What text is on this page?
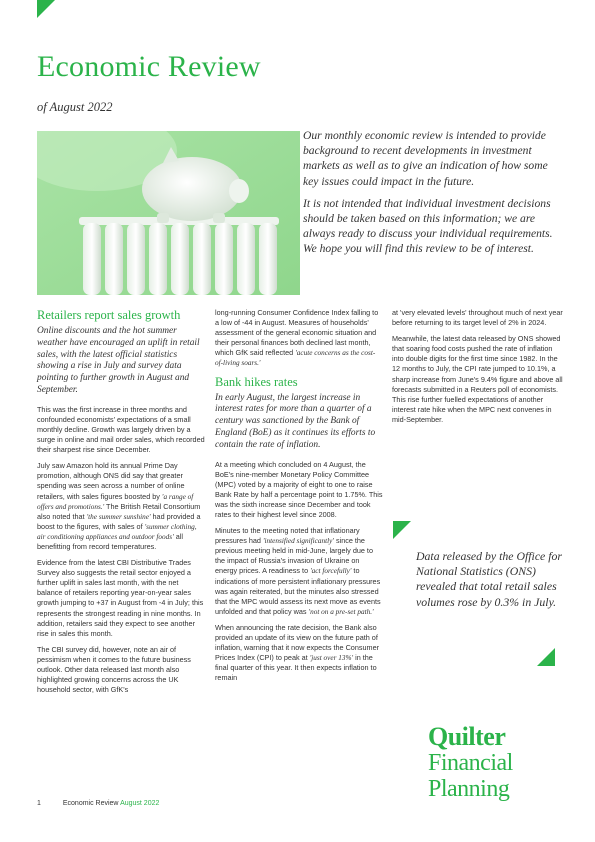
Economic Review
of August 2022

Our monthly economic review is intended to provide background to recent developments in investment markets as well as to give an indication of how some key issues could impact in the future.

It is not intended that individual investment decisions should be taken based on this information; we are always ready to discuss your individual requirements. We hope you will find this review to be of interest.

Retailers report sales growth

Online discounts and the hot summer weather have encouraged an uplift in retail sales, with the latest official statistics showing a rise in July and survey data pointing to further growth in August and September.

This was the first increase in three months and confounded economists' expectations of a small monthly decline. Growth was largely driven by a surge in online and mail order sales, which recorded their sharpest rise since December.

July saw Amazon hold its annual Prime Day promotion, although ONS did say that greater spending was seen across a number of online retailers, with sales figures boosted by 'a range of offers and promotions.' The British Retail Consortium also noted that 'the summer sunshine' had provided a boost to the figures, with sales of 'summer clothing, air conditioning appliances and outdoor foods' all benefitting from record temperatures.

Evidence from the latest CBI Distributive Trades Survey also suggests the retail sector enjoyed a further uplift in sales last month, with the net balance of retailers reporting year-on-year sales growth jumping to +37 in August from -4 in July; this represents the strongest reading in nine months. In addition, retailers said they expect to see another rise in sales this month.

The CBI survey did, however, note an air of pessimism when it comes to the future business outlook. Other data released last month also highlighted growing concerns across the UK household sector, with GfK's

long-running Consumer Confidence Index falling to a low of -44 in August. Measures of households' assessment of the general economic situation and their personal finances both declined last month, which GfK said reflected 'acute concerns as the cost-of-living soars.'

Bank hikes rates

In early August, the largest increase in interest rates for more than a quarter of a century was sanctioned by the Bank of England (BoE) as it continues its efforts to contain the rate of inflation.

At a meeting which concluded on 4 August, the BoE's nine-member Monetary Policy Committee (MPC) voted by a majority of eight to one to raise Bank Rate by half a percentage point to 1.75%. This was the sixth increase since December and took rates to their highest level since 2008.

Minutes to the meeting noted that inflationary pressures had 'intensified significantly' since the previous meeting held in mid-June, largely due to the impact of Russia's invasion of Ukraine on energy prices. A readiness to 'act forcefully' to indications of more persistent inflationary pressures was again reiterated, but the minutes also stressed that the MPC would assess its next move as events unfolded and that policy was 'not on a pre-set path.'

When announcing the rate decision, the Bank also provided an update of its view on the future path of inflation, warning that it now expects the Consumer Prices Index (CPI) to peak at 'just over 13%' in the final quarter of this year. It then expects inflation to remain

at 'very elevated levels' throughout much of next year before returning to its target level of 2% in 2024.

Meanwhile, the latest data released by ONS showed that soaring food costs pushed the rate of inflation into double digits for the first time since 1982. In the 12 months to July, the CPI rate jumped to 10.1%, a sharp increase from June's 9.4% figure and above all forecasts submitted in a Reuters poll of economists. This rise further fuelled expectations of another interest rate hike when the MPC next convenes in mid-September.

Data released by the Office for National Statistics (ONS) revealed that total retail sales volumes rose by 0.3% in July.
Quilter
Financial
Planning
1	Economic Review August 2022
